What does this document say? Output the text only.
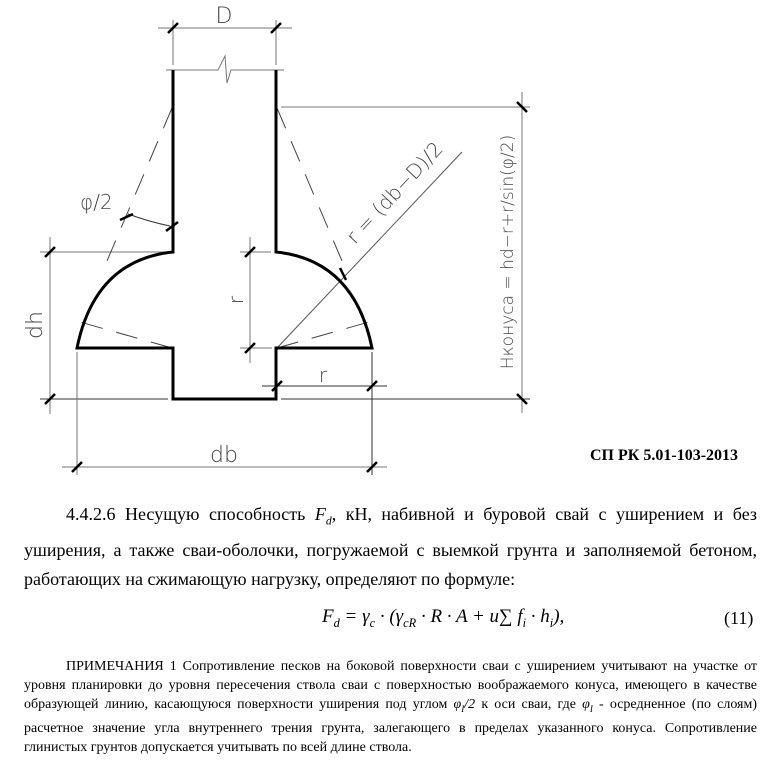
D
φ/2
dh
r
r
db
r = (db−D)/2	Hконуса = hd−r+r/sin(φ/2)
СП РК 5.01-103-2013
4.4.2.6 Несущую способность $F_d$, кН, набивной и буровой свай с уширением и без уширения, а также сваи-оболочки, погружаемой с выемкой грунта и заполняемой бетоном, работающих на сжимающую нагрузку, определяют по формуле:
$F_d = \gamma_c \cdot (\gamma_{cR} \cdot R \cdot A + u\sum$ $f_i \cdot h_i$),	(11)
ПРИМЕЧАНИЯ 1 Сопротивление песков на боковой поверхности сваи с уширением учитывают на участке от уровня планировки до уровня пересечения ствола сваи с поверхностью воображаемого конуса, имеющего в качестве образующей линию, касающуюся поверхности уширения под углом $\varphi_I/2$ к оси сваи, где $\varphi_I$ - осредненное (по слоям) расчетное значение угла внутреннего трения грунта, залегающего в пределах указанного конуса. Сопротивление глинистых грунтов допускается учитывать по всей длине ствола.
